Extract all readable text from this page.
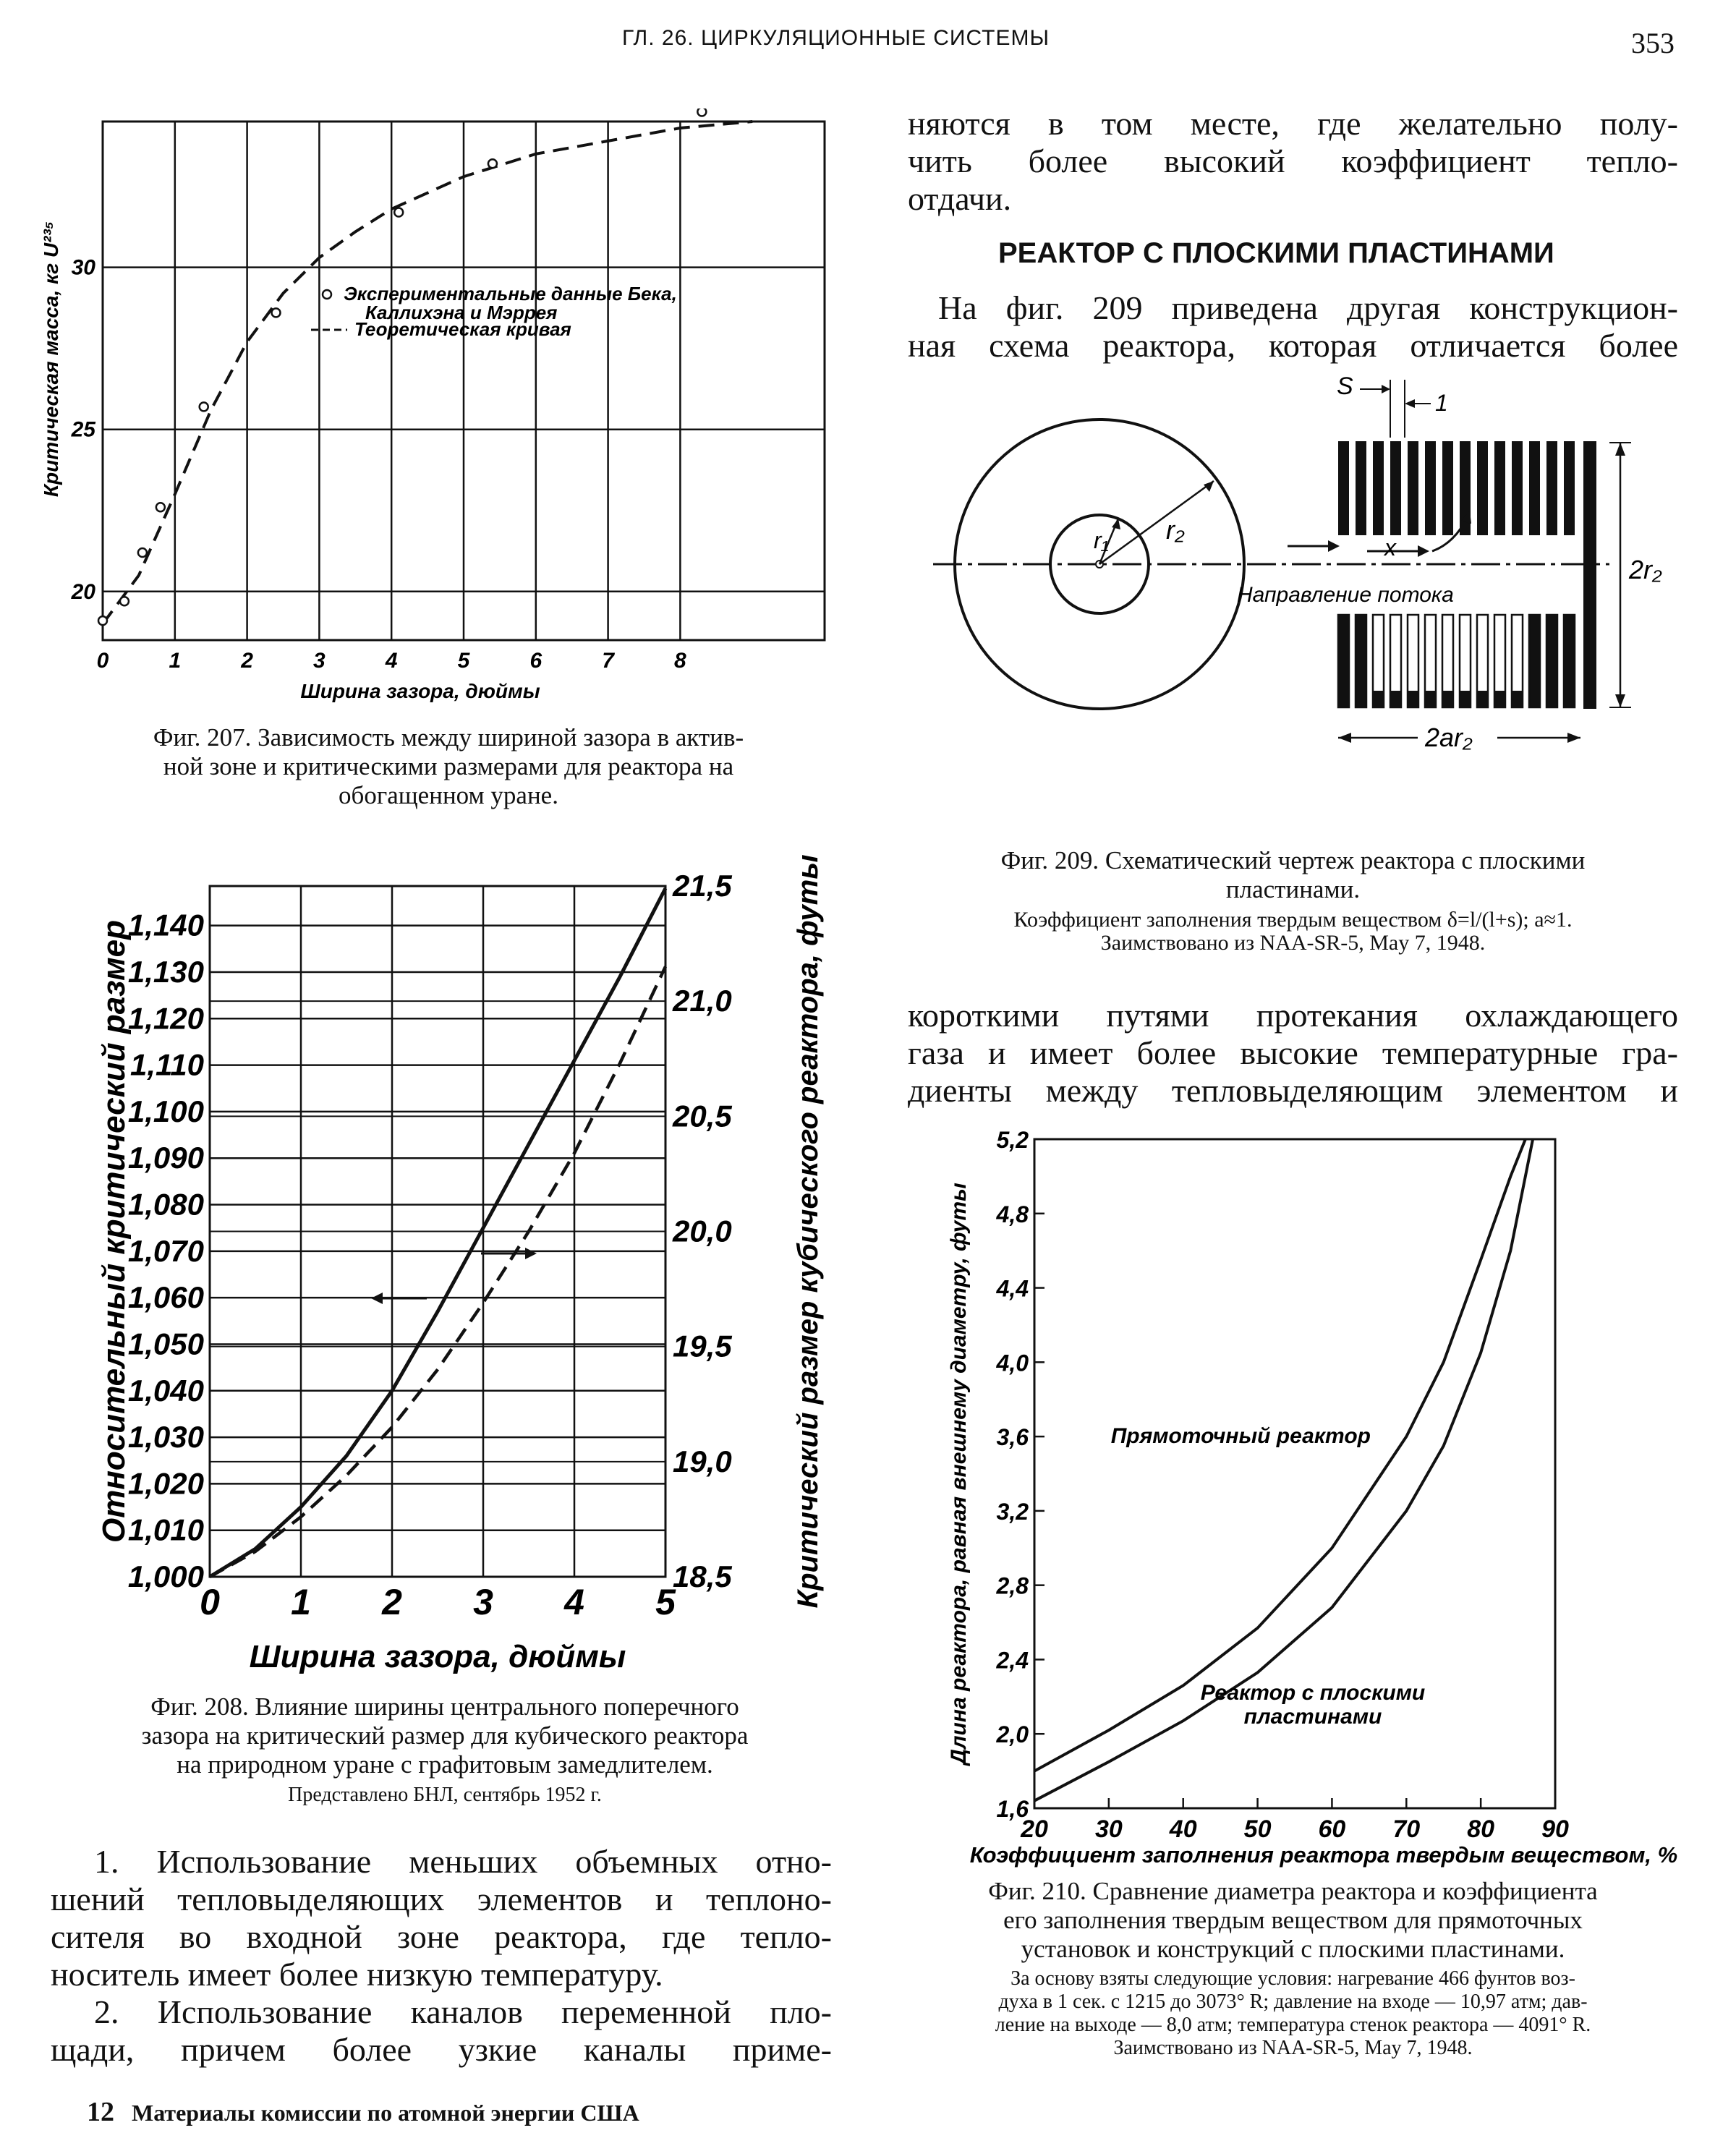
ГЛ. 26. ЦИРКУЛЯЦИОННЫЕ СИСТЕМЫ	353
0	1	2	3	4	5	6	7	8
20
25
30
Экспериментальные данные Бека,
Каллихэна и Мэррея
Теоретическая кривая
Ширина зазора, дюймы
Критическая масса, кг U²³⁵
Фиг. 207. Зависимость между шириной зазора в актив-
ной зоне и критическими размерами для реактора на
обогащенном уране.
0 1 2 3 4 5
1,000
1,010
1,020
1,030
1,040
1,050
1,060
1,070
1,080
1,090
1,100
1,110
1,120
1,130
1,140
18,5
19,0
19,5
20,0
20,5
21,0
21,5
Ширина зазора, дюймы
Относительный критический размер	Критический размер кубического реактора, футы
Фиг. 208. Влияние ширины центрального поперечного
зазора на критический размер для кубического реактора
на природном уране с графитовым замедлителем.
Представлено БНЛ, сентябрь 1952 г.
1. Использование меньших объемных отно-
шений тепловыделяющих элементов и теплоно-
сителя во входной зоне реактора, где тепло-
носитель имеет более низкую температуру.
2. Использование каналов переменной пло-
щади, причем более узкие каналы приме-
12 Материалы комиссии по атомной энергии США
няются в том месте, где желательно полу-
чить более высокий коэффициент тепло-
отдачи.
РЕАКТОР С ПЛОСКИМИ ПЛАСТИНАМИ
На фиг. 209 приведена другая конструкцион-
ная схема реактора, которая отличается более
r₁ r₂
Направление потока
x
S
1
2r₂
2ar₂
Фиг. 209. Схематический чертеж реактора с плоскими
пластинами.
Коэффициент заполнения твердым веществом δ=l/(l+s); a≈1.
Заимствовано из NAA-SR-5, May 7, 1948.
короткими путями протекания охлаждающего
газа и имеет более высокие температурные гра-
диенты между тепловыделяющим элементом и
20 30 40 50 60 70 80 90
1,6
2,0
2,4
2,8
3,2
3,6
4,0
4,4
4,8
5,2
Прямоточный реактор
Реактор с плоскими
пластинами
Коэффициент заполнения реактора твердым веществом, %
Длина реактора, равная внешнему диаметру, футы
Фиг. 210. Сравнение диаметра реактора и коэффициента
его заполнения твердым веществом для прямоточных
установок и конструкций с плоскими пластинами.
За основу взяты следующие условия: нагревание 466 фунтов воз-
духа в 1 сек. с 1215 до 3073° R; давление на входе — 10,97 атм; дав-
ление на выходе — 8,0 атм; температура стенок реактора — 4091° R.
Заимствовано из NAA-SR-5, May 7, 1948.
